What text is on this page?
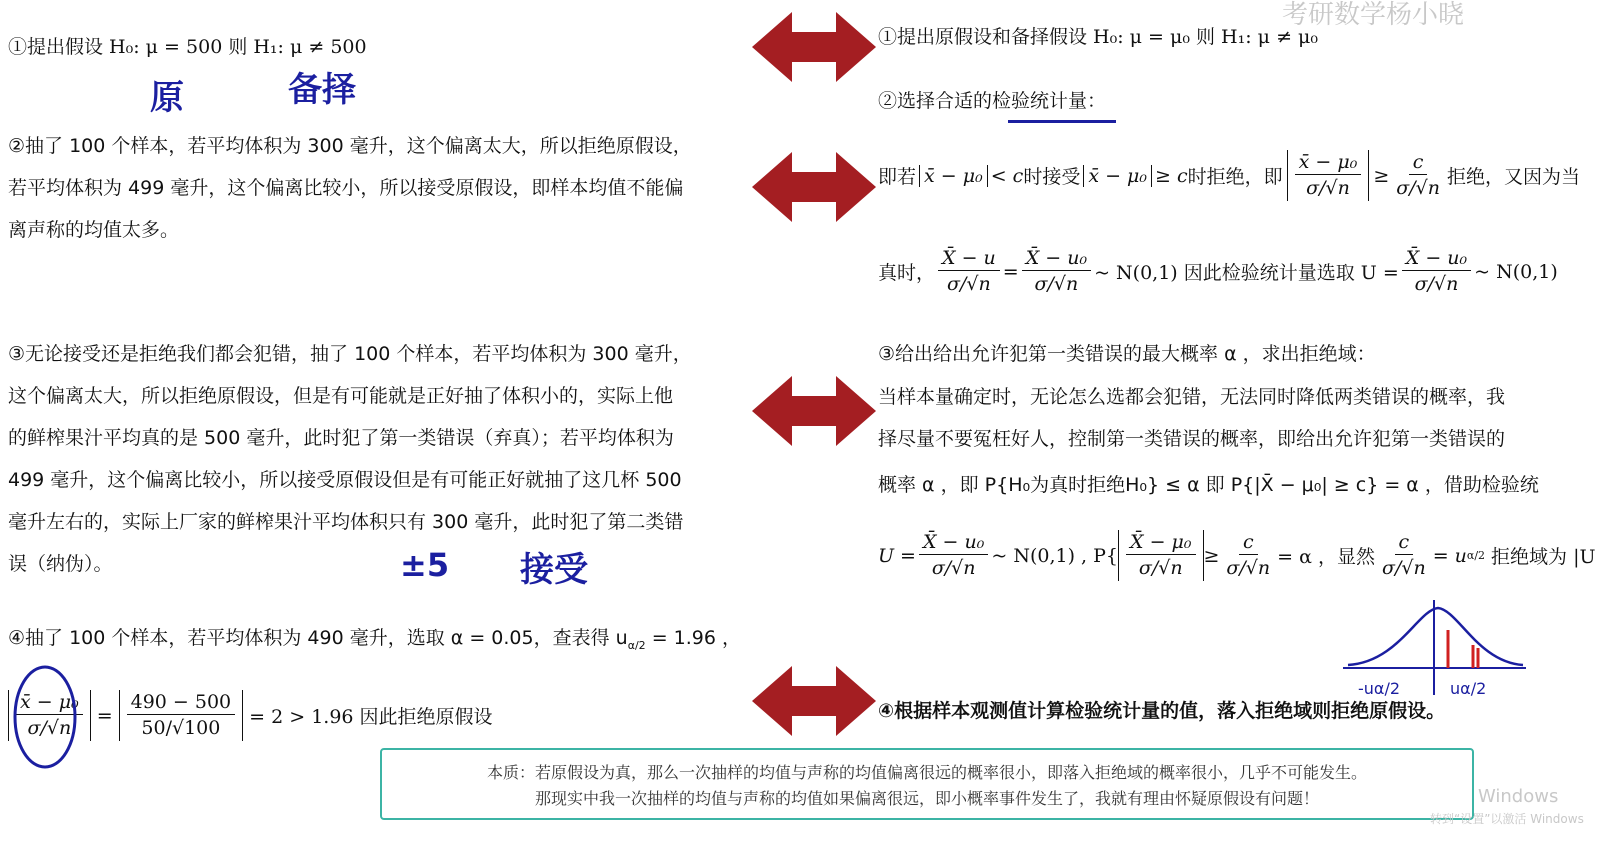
①提出假设 H₀: μ = 500 则 H₁: μ ≠ 500
原	备择
②抽了 100 个样本，若平均体积为 300 毫升，这个偏离太大，所以拒绝原假设，
若平均体积为 499 毫升，这个偏离比较小，所以接受原假设，即样本均值不能偏
离声称的均值太多。
③无论接受还是拒绝我们都会犯错，抽了 100 个样本，若平均体积为 300 毫升，
这个偏离太大，所以拒绝原假设，但是有可能就是正好抽了体积小的，实际上他
的鲜榨果汁平均真的是 500 毫升，此时犯了第一类错误（弃真）；若平均体积为
499 毫升，这个偏离比较小，所以接受原假设但是有可能正好就抽了这几杯 500
毫升左右的，实际上厂家的鲜榨果汁平均体积只有 300 毫升，此时犯了第二类错
误（纳伪）。	±5 接受
④抽了 100 个样本，若平均体积为 490 毫升，选取 α = 0.05，查表得 $u_{\alpha/2} = 1.96$ ，
$\frac{\text{x̄ − μ₀}}{\sigma/√n} = \frac{490 - 500}{50/√100} = 2 > 1.96$ 因此拒绝原假设
①提出原假设和备择假设 H₀: μ = μ₀ 则 H₁: μ ≠ μ₀
②选择合适的检验统计量：
即若 x̄ − μ₀ < c 时接受 x̄ − μ₀ ≥ c 时拒绝，即 $\frac{\text{x̄ − μ₀}}{\sigma/√n} \ge \frac{c}{\sigma/√n}$ 拒绝，又因为当
真时， $\frac{X̄ - u}{\sigma/√n} = \frac{\text{X̄ − u₀}}{\sigma/√n}$ ~ N(0,1) 因此检验统计量选取 $U = \frac{\text{X̄ − u₀}}{\sigma/√n}$ ~ N(0,1)
③给出给出允许犯第一类错误的最大概率 α ，求出拒绝域：
当样本量确定时，无论怎么选都会犯错，无法同时降低两类错误的概率，我
择尽量不要冤枉好人，控制第一类错误的概率，即给出允许犯第一类错误的
概率 α ，即 P{H₀为真时拒绝H₀} ≤ α 即 P{|X̄ − μ₀| ≥ c} = α ，借助检验统
$U = \frac{\text{X̄ − u₀}}{\sigma/√n}$ ~ N(0,1) , $P\{ \frac{\text{X̄ − μ₀}}{\sigma/√n} \ge \frac{c}{\sigma/√n} = \alpha$ ，显然 $\frac{c}{\sigma/√n} = u$ α/2 拒绝域为 |U
-uα/2	uα/2
④根据样本观测值计算检验统计量的值，落入拒绝域则拒绝原假设。
本质：若原假设为真，那么一次抽样的均值与声称的均值偏离很远的概率很小，即落入拒绝域的概率很小，几乎不可能发生。
那现实中我一次抽样的均值与声称的均值如果偏离很远，即小概率事件发生了，我就有理由怀疑原假设有问题！
考研数学杨小晓
Windows
转到“设置”以激活 Windows
